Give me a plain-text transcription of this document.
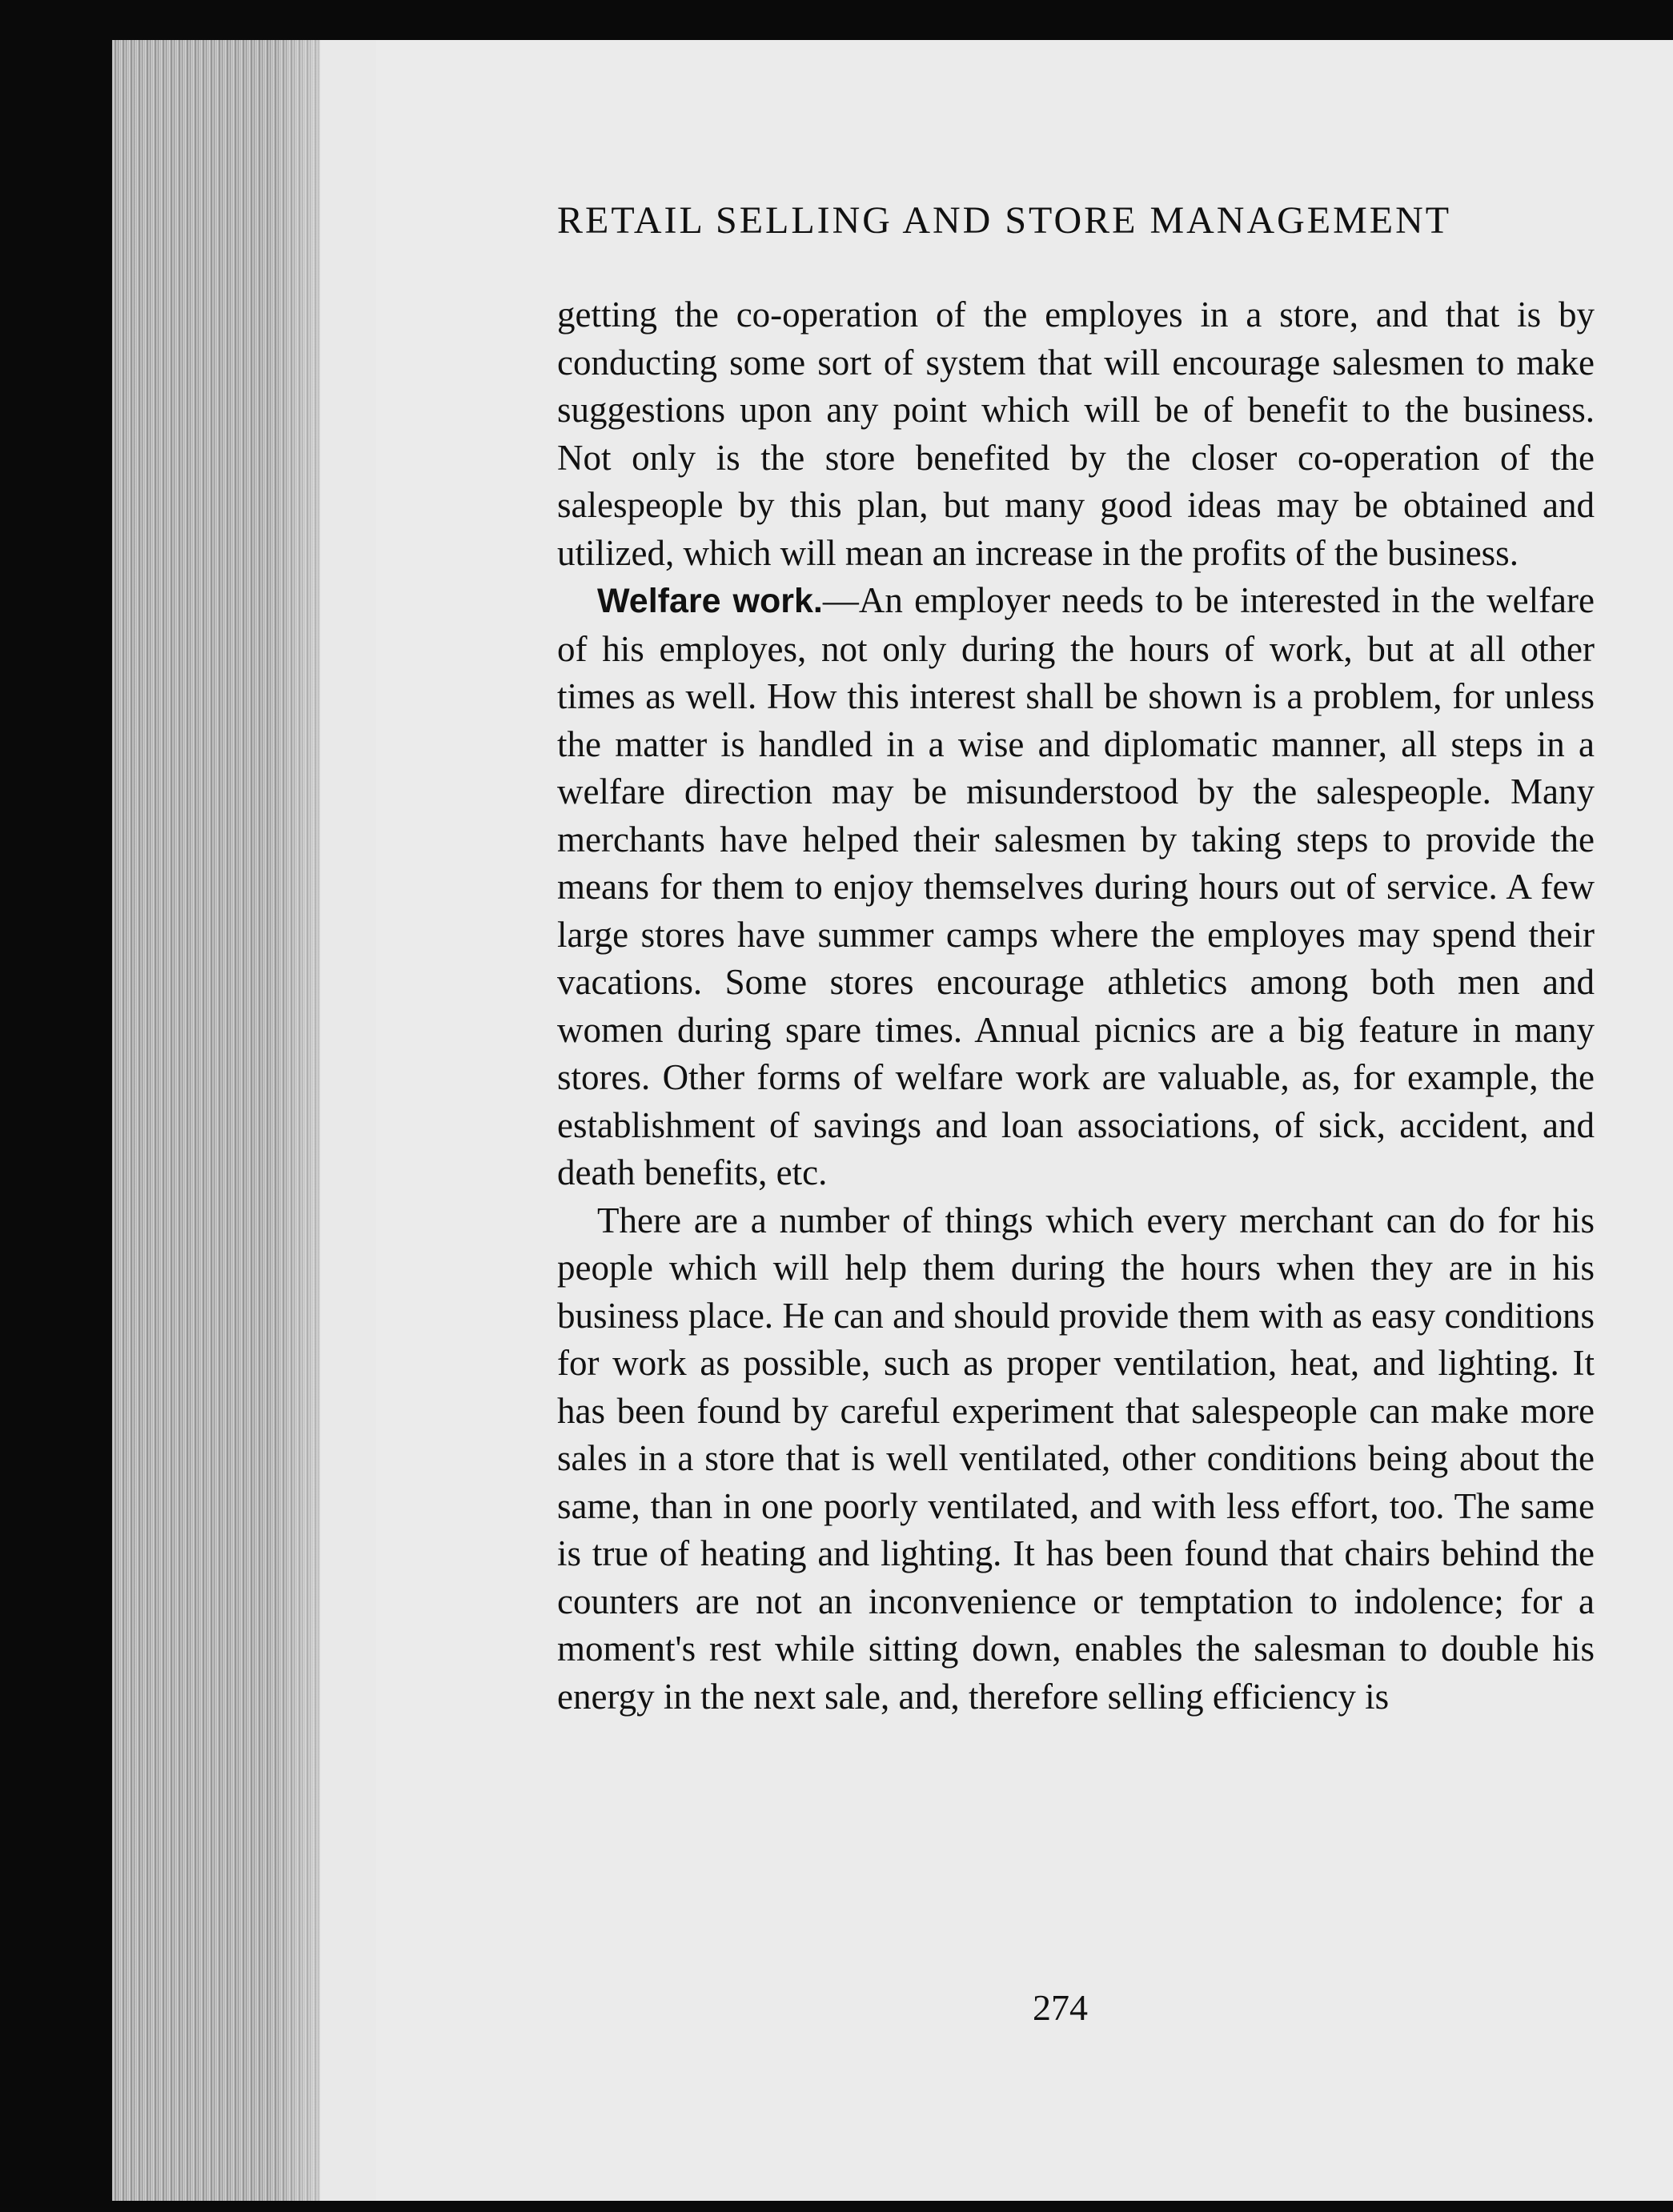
RETAIL SELLING AND STORE MANAGEMENT

getting the co-operation of the employes in a store, and that is by conducting some sort of system that will encourage salesmen to make suggestions upon any point which will be of benefit to the business. Not only is the store benefited by the closer co-operation of the salespeople by this plan, but many good ideas may be obtained and utilized, which will mean an increase in the profits of the business.

Welfare work.—An employer needs to be interested in the welfare of his employes, not only during the hours of work, but at all other times as well. How this interest shall be shown is a problem, for unless the matter is handled in a wise and diplomatic manner, all steps in a welfare direction may be misunderstood by the salespeople. Many merchants have helped their salesmen by taking steps to provide the means for them to enjoy themselves during hours out of service. A few large stores have summer camps where the employes may spend their vacations. Some stores encourage athletics among both men and women during spare times. Annual picnics are a big feature in many stores. Other forms of welfare work are valuable, as, for example, the establishment of savings and loan associations, of sick, accident, and death benefits, etc.

There are a number of things which every merchant can do for his people which will help them during the hours when they are in his business place. He can and should provide them with as easy conditions for work as possible, such as proper ventilation, heat, and lighting. It has been found by careful experiment that salespeople can make more sales in a store that is well ventilated, other conditions being about the same, than in one poorly ventilated, and with less effort, too. The same is true of heating and lighting. It has been found that chairs behind the counters are not an inconvenience or temptation to indolence; for a moment's rest while sitting down, enables the salesman to double his energy in the next sale, and, therefore selling efficiency is

274
